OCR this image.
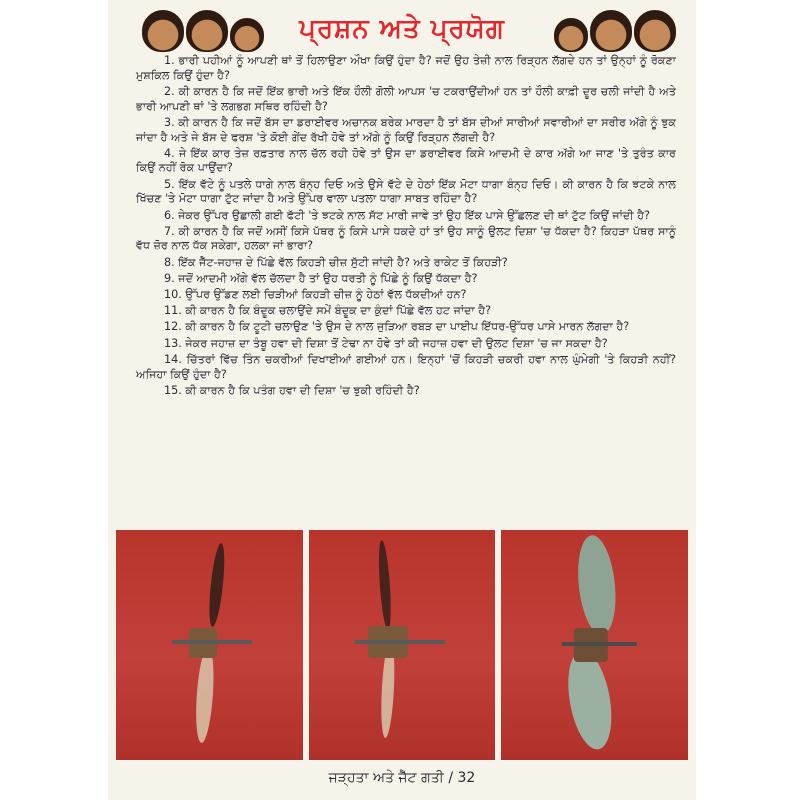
ਪ੍ਰਸ਼ਨ ਅਤੇ ਪ੍ਰਯੋਗ

1. ਭਾਰੀ ਪਹੀਆਂ ਨੂੰ ਆਪਣੀ ਥਾਂ ਤੋਂ ਹਿਲਾਉਣਾ ਔਖਾ ਕਿਉਂ ਹੁੰਦਾ ਹੈ? ਜਦੋਂ ਉਹ ਤੇਜ਼ੀ ਨਾਲ ਰਿੜ੍ਹਨ ਲੱਗਦੇ ਹਨ ਤਾਂ ਉਨ੍ਹਾਂ ਨੂੰ ਰੋਕਣਾ ਮੁਸ਼ਕਿਲ ਕਿਉਂ ਹੁੰਦਾ ਹੈ?

2. ਕੀ ਕਾਰਨ ਹੈ ਕਿ ਜਦੋਂ ਇੱਕ ਭਾਰੀ ਅਤੇ ਇੱਕ ਹੌਲੀ ਗੋਲੀ ਆਪਸ 'ਚ ਟਕਰਾਉਂਦੀਆਂ ਹਨ ਤਾਂ ਹੌਲੀ ਕਾਫ਼ੀ ਦੂਰ ਚਲੀ ਜਾਂਦੀ ਹੈ ਅਤੇ ਭਾਰੀ ਆਪਣੀ ਥਾਂ 'ਤੇ ਲਗਭਗ ਸਥਿਰ ਰਹਿੰਦੀ ਹੈ?

3. ਕੀ ਕਾਰਨ ਹੈ ਕਿ ਜਦੋਂ ਬੱਸ ਦਾ ਡਰਾਈਵਰ ਅਚਾਨਕ ਬਰੇਕ ਮਾਰਦਾ ਹੈ ਤਾਂ ਬੱਸ ਦੀਆਂ ਸਾਰੀਆਂ ਸਵਾਰੀਆਂ ਦਾ ਸਰੀਰ ਅੱਗੇ ਨੂੰ ਝੁਕ ਜਾਂਦਾ ਹੈ ਅਤੇ ਜੇ ਬੱਸ ਦੇ ਫਰਸ਼ 'ਤੇ ਕੋਈ ਗੇਂਦ ਰੱਖੀ ਹੋਵੇ ਤਾਂ ਅੱਗੇ ਨੂੰ ਕਿਉਂ ਰਿੜ੍ਹਨ ਲੱਗਦੀ ਹੈ?

4. ਜੇ ਇੱਕ ਕਾਰ ਤੇਜ਼ ਰਫ਼ਤਾਰ ਨਾਲ ਚੱਲ ਰਹੀ ਹੋਵੇ ਤਾਂ ਉਸ ਦਾ ਡਰਾਈਵਰ ਕਿਸੇ ਆਦਮੀ ਦੇ ਕਾਰ ਅੱਗੇ ਆ ਜਾਣ 'ਤੇ ਤੁਰੰਤ ਕਾਰ ਕਿਉਂ ਨਹੀਂ ਰੋਕ ਪਾਉਂਦਾ?

5. ਇੱਕ ਵੱਟੇ ਨੂੰ ਪਤਲੇ ਧਾਗੇ ਨਾਲ ਬੰਨ੍ਹ ਦਿਓ ਅਤੇ ਉਸੇ ਵੱਟੇ ਦੇ ਹੇਠਾਂ ਇੱਕ ਮੋਟਾ ਧਾਗਾ ਬੰਨ੍ਹ ਦਿਓ। ਕੀ ਕਾਰਨ ਹੈ ਕਿ ਝਟਕੇ ਨਾਲ ਖਿੱਚਣ 'ਤੇ ਮੋਟਾ ਧਾਗਾ ਟੁੱਟ ਜਾਂਦਾ ਹੈ ਅਤੇ ਉੱਪਰ ਵਾਲਾ ਪਤਲਾ ਧਾਗਾ ਸਾਬਤ ਰਹਿੰਦਾ ਹੈ?

6. ਜੇਕਰ ਉੱਪਰ ਉਛਾਲੀ ਗਈ ਫੱਟੀ 'ਤੇ ਝਟਕੇ ਨਾਲ ਸੱਟ ਮਾਰੀ ਜਾਵੇ ਤਾਂ ਉਹ ਇੱਕ ਪਾਸੇ ਉੱਛਲਣ ਦੀ ਥਾਂ ਟੁੱਟ ਕਿਉਂ ਜਾਂਦੀ ਹੈ?

7. ਕੀ ਕਾਰਨ ਹੈ ਕਿ ਜਦੋਂ ਅਸੀਂ ਕਿਸੇ ਪੱਥਰ ਨੂੰ ਕਿਸੇ ਪਾਸੇ ਧਕਦੇ ਹਾਂ ਤਾਂ ਉਹ ਸਾਨੂੰ ਉਲਟ ਦਿਸ਼ਾ 'ਚ ਧੱਕਦਾ ਹੈ? ਕਿਹੜਾ ਪੱਥਰ ਸਾਨੂੰ ਵੱਧ ਜ਼ੋਰ ਨਾਲ ਧੱਕ ਸਕੇਗਾ, ਹਲਕਾ ਜਾਂ ਭਾਰਾ?

8. ਇੱਕ ਜੈੱਟ-ਜਹਾਜ਼ ਦੇ ਪਿੱਛੇ ਵੱਲ ਕਿਹੜੀ ਚੀਜ਼ ਸੁੱਟੀ ਜਾਂਦੀ ਹੈ? ਅਤੇ ਰਾਕੇਟ ਤੋਂ ਕਿਹੜੀ?

9. ਜਦੋਂ ਆਦਮੀ ਅੱਗੇ ਵੱਲ ਚੱਲਦਾ ਹੈ ਤਾਂ ਉਹ ਧਰਤੀ ਨੂੰ ਪਿੱਛੇ ਨੂੰ ਕਿਉਂ ਧੱਕਦਾ ਹੈ?

10. ਉੱਪਰ ਉੱਡਣ ਲਈ ਚਿੜੀਆਂ ਕਿਹੜੀ ਚੀਜ਼ ਨੂੰ ਹੇਠਾਂ ਵੱਲ ਧੱਕਦੀਆਂ ਹਨ?

11. ਕੀ ਕਾਰਨ ਹੈ ਕਿ ਬੰਦੂਕ ਚਲਾਉਂਦੇ ਸਮੇਂ ਬੰਦੂਕ ਦਾ ਕੁੰਦਾਂ ਪਿੱਛੇ ਵੱਲ ਹਟ ਜਾਂਦਾ ਹੈ?

12. ਕੀ ਕਾਰਨ ਹੈ ਕਿ ਟੂਟੀ ਚਲਾਉਣ 'ਤੇ ਉਸ ਦੇ ਨਾਲ ਜੁੜਿਆ ਰਬੜ ਦਾ ਪਾਈਪ ਇੱਧਰ-ਉੱਧਰ ਪਾਸੇ ਮਾਰਨ ਲੱਗਦਾ ਹੈ?

13. ਜੇਕਰ ਜਹਾਜ਼ ਦਾ ਤੰਬੂ ਹਵਾ ਦੀ ਦਿਸ਼ਾ ਤੋਂ ਟੇਢਾ ਨਾ ਹੋਵੇ ਤਾਂ ਕੀ ਜਹਾਜ਼ ਹਵਾ ਦੀ ਉਲਟ ਦਿਸ਼ਾ 'ਚ ਜਾ ਸਕਦਾ ਹੈ?

14. ਚਿੱਤਰਾਂ ਵਿੱਚ ਤਿੰਨ ਚਕਰੀਆਂ ਦਿਖਾਈਆਂ ਗਈਆਂ ਹਨ। ਇਨ੍ਹਾਂ 'ਚੋਂ ਕਿਹੜੀ ਚਕਰੀ ਹਵਾ ਨਾਲ ਘੁੰਮੇਗੀ 'ਤੇ ਕਿਹੜੀ ਨਹੀਂ? ਅਜਿਹਾ ਕਿਉਂ ਹੁੰਦਾ ਹੈ?

15. ਕੀ ਕਾਰਨ ਹੈ ਕਿ ਪਤੰਗ ਹਵਾ ਦੀ ਦਿਸ਼ਾ 'ਚ ਝੁਕੀ ਰਹਿੰਦੀ ਹੈ?

ਜੜ੍ਹਤਾ ਅਤੇ ਜੈੱਟ ਗਤੀ / 32
